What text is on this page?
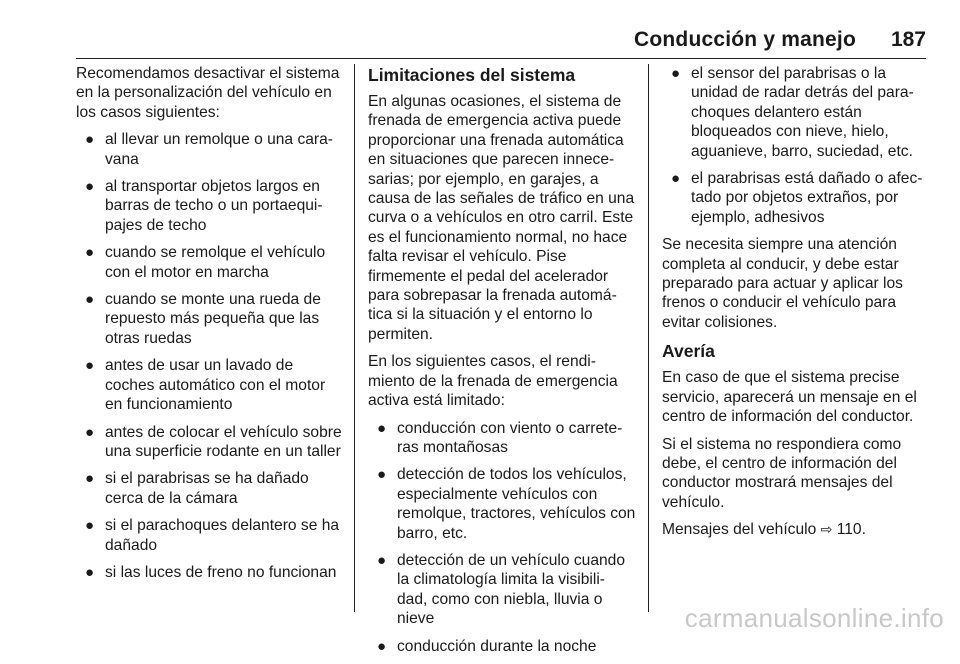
Conducción y manejo 187

Recomendamos desactivar el sistema en la personalización del vehículo en los casos siguientes:

● al llevar un remolque o una cara‐ vana
● al transportar objetos largos en barras de techo o un portaequi‐ pajes de techo
● cuando se remolque el vehículo con el motor en marcha
● cuando se monte una rueda de repuesto más pequeña que las otras ruedas
● antes de usar un lavado de coches automático con el motor en funcionamiento
● antes de colocar el vehículo sobre una superficie rodante en un taller
● si el parabrisas se ha dañado cerca de la cámara
● si el parachoques delantero se ha dañado
● si las luces de freno no funcionan
Limitaciones del sistema

En algunas ocasiones, el sistema de frenada de emergencia activa puede proporcionar una frenada automática en situaciones que parecen innece‐ sarias; por ejemplo, en garajes, a causa de las señales de tráfico en una curva o a vehículos en otro carril. Este es el funcionamiento normal, no hace falta revisar el vehículo. Pise firmemente el pedal del acelerador para sobrepasar la frenada automá‐ tica si la situación y el entorno lo permiten.

En los siguientes casos, el rendi‐ miento de la frenada de emergencia activa está limitado:

● conducción con viento o carrete‐ ras montañosas
● detección de todos los vehículos, especialmente vehículos con remolque, tractores, vehículos con barro, etc.
● detección de un vehículo cuando la climatología limita la visibili‐ dad, como con niebla, lluvia o nieve
● conducción durante la noche
● el sensor del parabrisas o la unidad de radar detrás del para‐ choques delantero están bloqueados con nieve, hielo, aguanieve, barro, suciedad, etc.
● el parabrisas está dañado o afec‐ tado por objetos extraños, por ejemplo, adhesivos

Se necesita siempre una atención completa al conducir, y debe estar preparado para actuar y aplicar los frenos o conducir el vehículo para evitar colisiones.

Avería

En caso de que el sistema precise servicio, aparecerá un mensaje en el centro de información del conductor.

Si el sistema no respondiera como debe, el centro de información del conductor mostrará mensajes del vehículo.

Mensajes del vehículo ⇨ 110.

carmanualsonline.info
